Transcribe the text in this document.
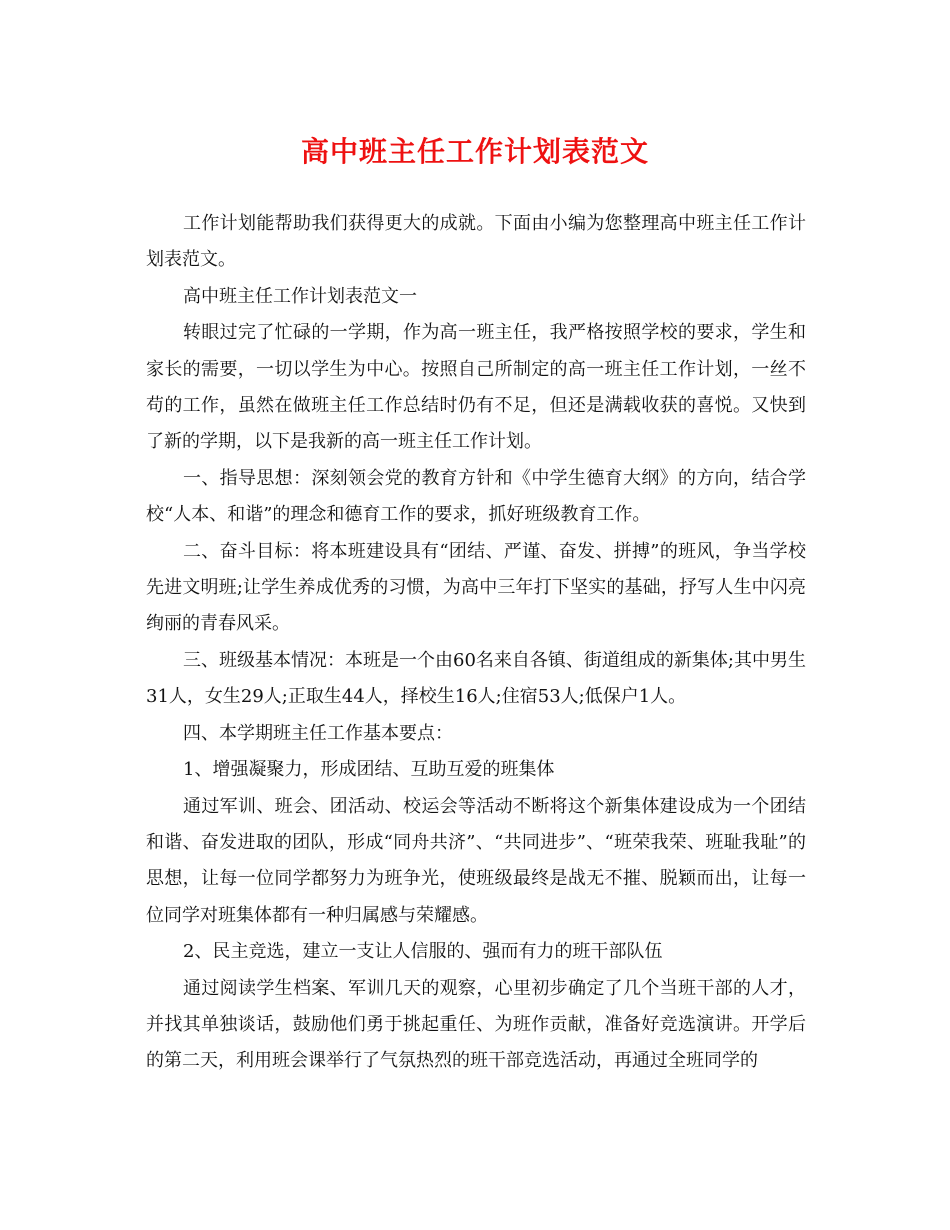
高中班主任工作计划表范文

工作计划能帮助我们获得更大的成就。下面由小编为您整理高中班主任工作计划表范文。

高中班主任工作计划表范文一

转眼过完了忙碌的一学期，作为高一班主任，我严格按照学校的要求，学生和家长的需要，一切以学生为中心。按照自己所制定的高一班主任工作计划，一丝不苟的工作，虽然在做班主任工作总结时仍有不足，但还是满载收获的喜悦。又快到了新的学期，以下是我新的高一班主任工作计划。

一、指导思想：深刻领会党的教育方针和《中学生德育大纲》的方向，结合学校“人本、和谐”的理念和德育工作的要求，抓好班级教育工作。

二、奋斗目标：将本班建设具有“团结、严谨、奋发、拼搏”的班风，争当学校先进文明班;让学生养成优秀的习惯，为高中三年打下坚实的基础，抒写人生中闪亮绚丽的青春风采。

三、班级基本情况：本班是一个由60名来自各镇、街道组成的新集体;其中男生31人，女生29人;正取生44人，择校生16人;住宿53人;低保户1人。

四、本学期班主任工作基本要点：

1、增强凝聚力，形成团结、互助互爱的班集体

通过军训、班会、团活动、校运会等活动不断将这个新集体建设成为一个团结和谐、奋发进取的团队，形成“同舟共济”、“共同进步”、“班荣我荣、班耻我耻”的思想，让每一位同学都努力为班争光，使班级最终是战无不摧、脱颖而出，让每一位同学对班集体都有一种归属感与荣耀感。

2、民主竞选，建立一支让人信服的、强而有力的班干部队伍

通过阅读学生档案、军训几天的观察，心里初步确定了几个当班干部的人才，并找其单独谈话，鼓励他们勇于挑起重任、为班作贡献，准备好竞选演讲。开学后的第二天，利用班会课举行了气氛热烈的班干部竞选活动，再通过全班同学的
